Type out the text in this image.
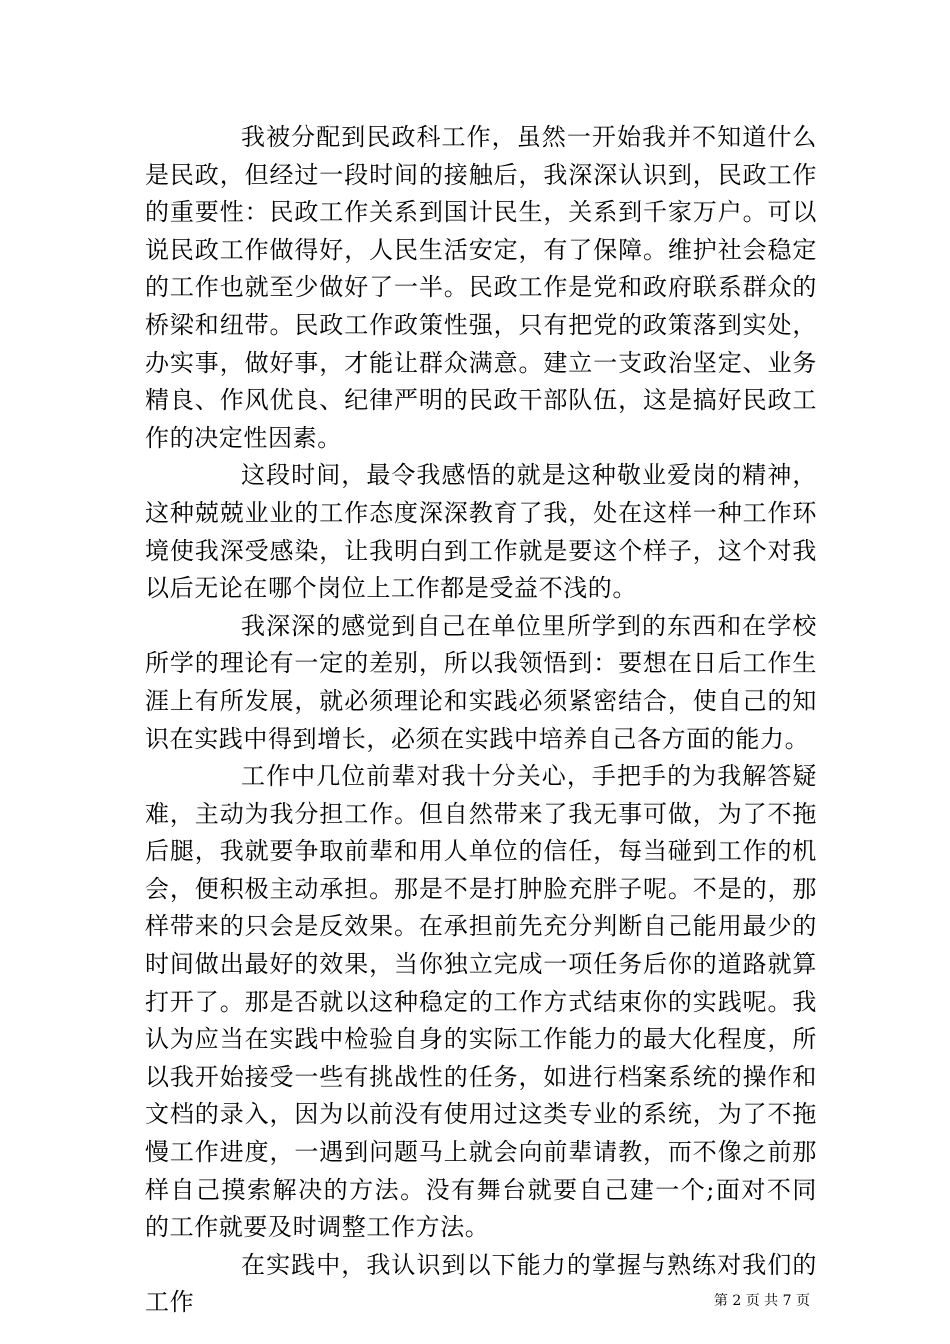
我被分配到民政科工作，虽然一开始我并不知道什么是民政，但经过一段时间的接触后，我深深认识到，民政工作的重要性：民政工作关系到国计民生，关系到千家万户。可以说民政工作做得好，人民生活安定，有了保障。维护社会稳定的工作也就至少做好了一半。民政工作是党和政府联系群众的桥梁和纽带。民政工作政策性强，只有把党的政策落到实处，办实事，做好事，才能让群众满意。建立一支政治坚定、业务精良、作风优良、纪律严明的民政干部队伍，这是搞好民政工作的决定性因素。

这段时间，最令我感悟的就是这种敬业爱岗的精神，这种兢兢业业的工作态度深深教育了我，处在这样一种工作环境使我深受感染，让我明白到工作就是要这个样子，这个对我以后无论在哪个岗位上工作都是受益不浅的。

我深深的感觉到自己在单位里所学到的东西和在学校所学的理论有一定的差别，所以我领悟到：要想在日后工作生涯上有所发展，就必须理论和实践必须紧密结合，使自己的知识在实践中得到增长，必须在实践中培养自己各方面的能力。

工作中几位前辈对我十分关心，手把手的为我解答疑难，主动为我分担工作。但自然带来了我无事可做，为了不拖后腿，我就要争取前辈和用人单位的信任，每当碰到工作的机会，便积极主动承担。那是不是打肿脸充胖子呢。不是的，那样带来的只会是反效果。在承担前先充分判断自己能用最少的时间做出最好的效果，当你独立完成一项任务后你的道路就算打开了。那是否就以这种稳定的工作方式结束你的实践呢。我认为应当在实践中检验自身的实际工作能力的最大化程度，所以我开始接受一些有挑战性的任务，如进行档案系统的操作和文档的录入，因为以前没有使用过这类专业的系统，为了不拖慢工作进度，一遇到问题马上就会向前辈请教，而不像之前那样自己摸索解决的方法。没有舞台就要自己建一个;面对不同的工作就要及时调整工作方法。

在实践中，我认识到以下能力的掌握与熟练对我们的工作	第 2 页 共 7 页
